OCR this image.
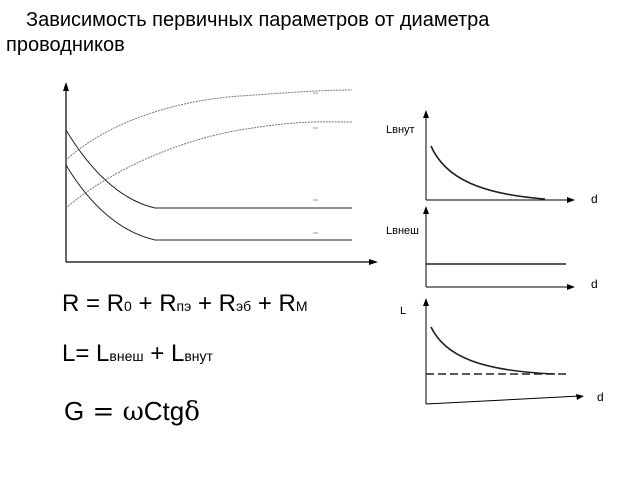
Зависимость первичных параметров от диаметра
проводников
Lвнут
d
Lвнеш
d
L
d
R = R0 + Rпэ + Rэб + RМ
L= Lвнеш + Lвнут
G = ωCtgδ
